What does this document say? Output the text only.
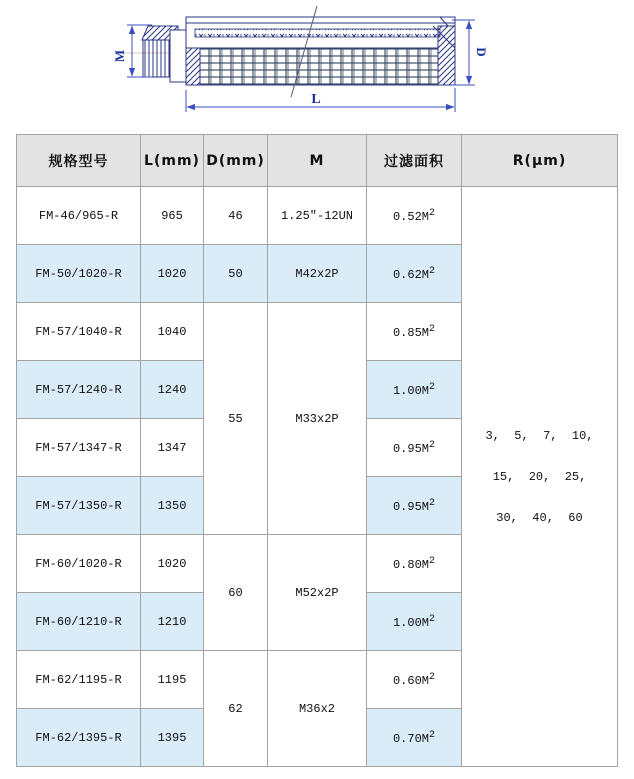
M	D
L
规格型号	L(mm)	D(mm)	M	过滤面积	R(μm)
FM-46/965-R	965	46	1.25″-12UN	$0.52M^2$	3,  5,  7,  10,
15,  20,  25,
30,  40,  60

FM-50/1020-R	1020	50	M42x2P	$0.62M^2$
FM-57/1040-R	1040	55	M33x2P	$0.85M^2$
FM-57/1240-R	1240			$1.00M^2$
FM-57/1347-R	1347			$0.95M^2$
FM-57/1350-R	1350			$0.95M^2$
FM-60/1020-R	1020	60	M52x2P	$0.80M^2$
FM-60/1210-R	1210			$1.00M^2$
FM-62/1195-R	1195	62	M36x2	$0.60M^2$
FM-62/1395-R	1395			$0.70M^2$
